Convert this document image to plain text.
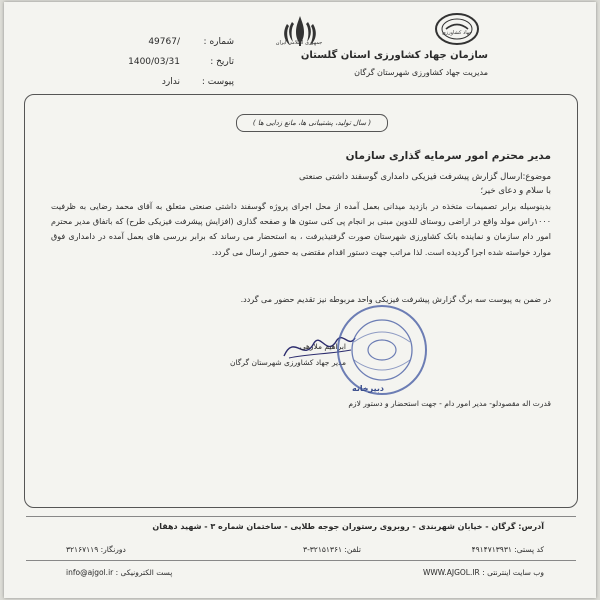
شماره :
/49767
تاریخ :
1400/03/31
پیوست :
ندارد
جمهوری اسلامی ایران
جهاد کشاورزی
سازمان جهاد کشاورزی استان گلستان
مدیریت جهاد کشاورزی شهرستان گرگان
( سال تولید، پشتیبانی ها، مانع زدایی ها )
مدیر محترم امور سرمایه گذاری سازمان
موضوع:ارسال گزارش پیشرفت فیزیکی دامداری گوسفند داشتی صنعتی
با سلام و دعای خیر؛
بدینوسیله برابر تصمیمات متخذه در بازدید میدانی بعمل آمده از محل اجرای پروژه گوسفند داشتی صنعتی متعلق به آقای محمد رضایی به ظرفیت ۱۰۰۰راس مولد واقع در اراضی روستای للدوین مبنی بر انجام پی کنی ستون ها و صفحه گذاری (افزایش پیشرفت فیزیکی طرح) که باتفاق مدیر محترم امور دام سازمان و نماینده بانک کشاورزی شهرستان صورت گرفتیذیرفت ، به استحضار می رساند که برابر بررسی های بعمل آمده در دامداری فوق موارد خواسته شده اجرا گردیده است. لذا مراتب جهت دستور اقدام مقتضی به حضور ارسال می گردد.
در ضمن به پیوست سه برگ گزارش پیشرفت فیزیکی واحد مربوطه نیز تقدیم حضور می گردد.
ابراهیم ملازهی
مدیر جهاد کشاورزی شهرستان گرگان
دبیرخانه
قدرت اله مقصودلو- مدیر امور دام - جهت استحضار و دستور لازم
آدرس: گرگان - خیابان شهربندی - روبروی رستوران جوجه طلایی - ساختمان شماره ۳ - شهید دهقان
کد پستی: ۴۹۱۴۷۱۳۹۳۱
تلفن: ۳۲۱۵۱۳۶۱-۳
دورنگار: ۳۲۱۶۷۱۱۹
وب سایت اینترنتی : WWW.AJGOL.IR
پست الکترونیکی : info@ajgol.ir
